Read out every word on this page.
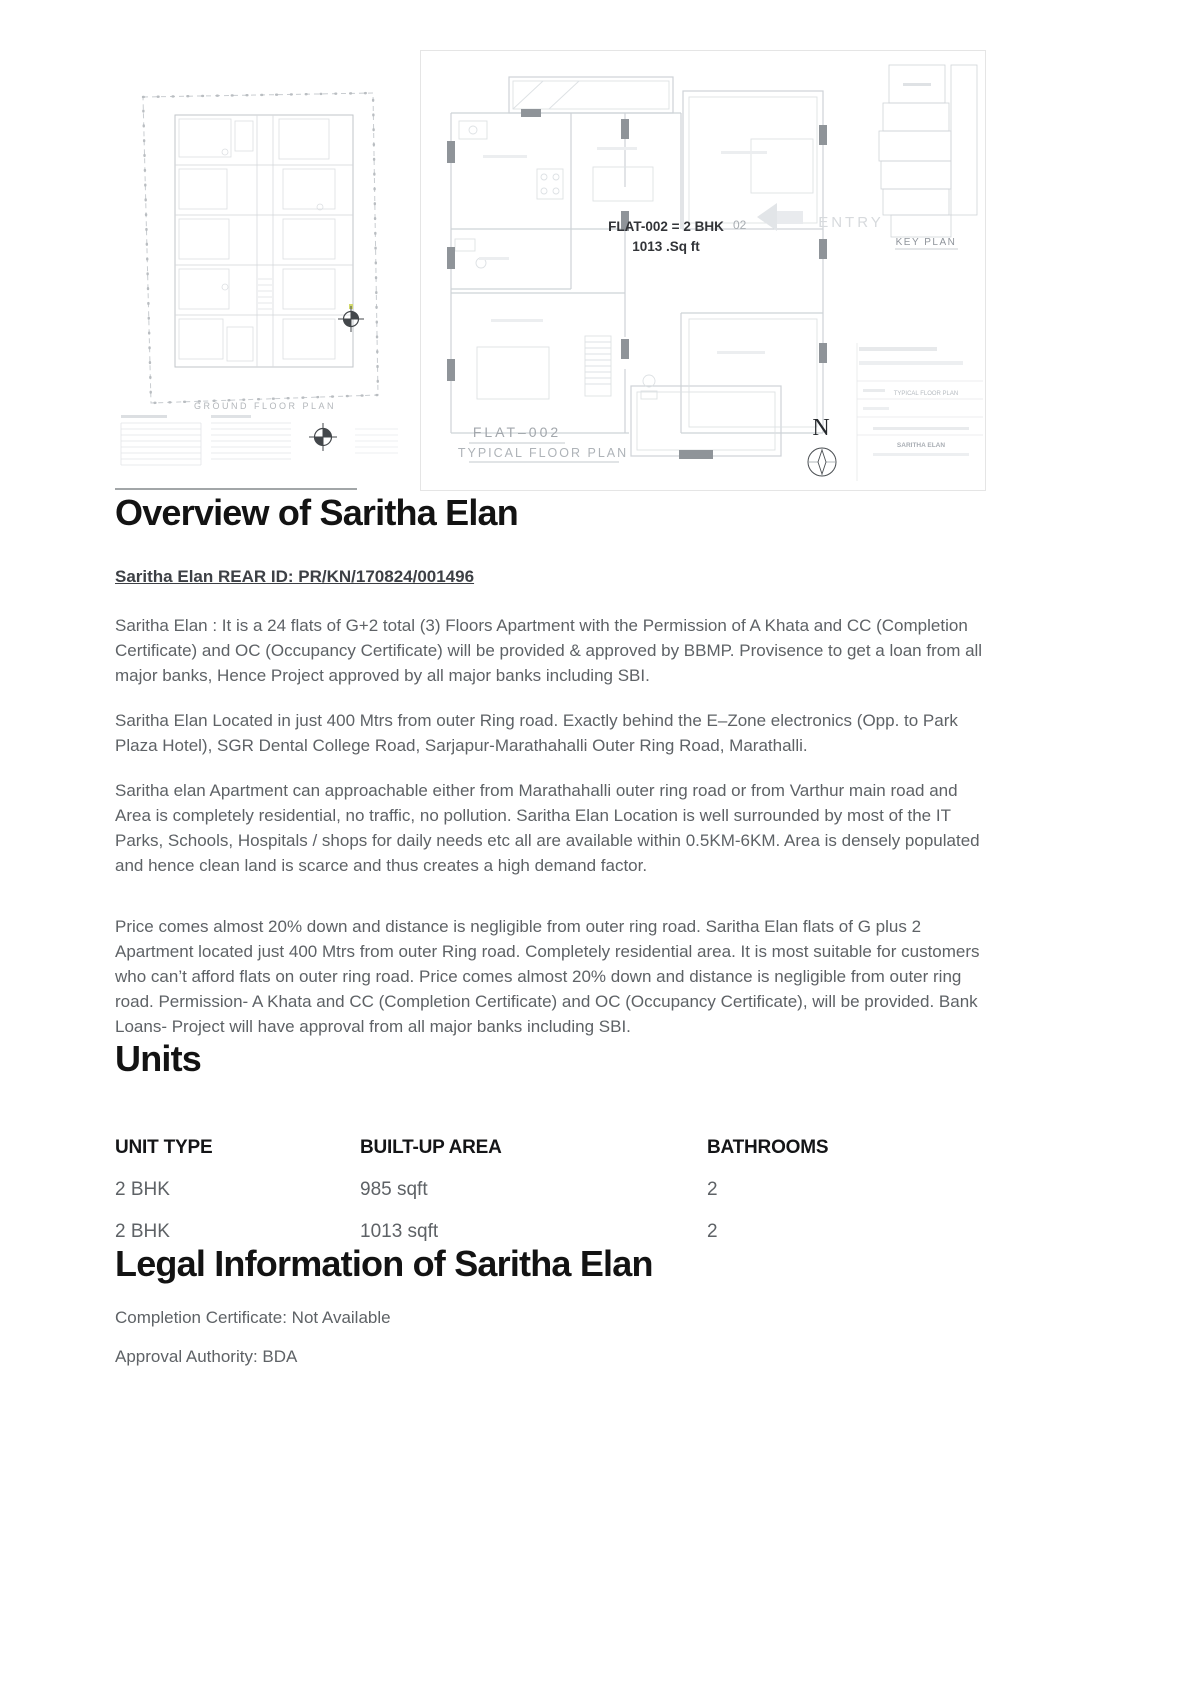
GROUND FLOOR PLAN
FLAT-002 = 2 BHK
1013 .Sq ft
02	ENTRY
KEY PLAN
TYPICAL FLOOR PLAN
SARITHA ELAN
N
FLAT–002
TYPICAL FLOOR PLAN
Overview of Saritha Elan
Saritha Elan REAR ID: PR/KN/170824/001496

Saritha Elan : It is a 24 flats of G+2 total (3) Floors Apartment with the Permission of A Khata and CC (Completion Certificate) and OC (Occupancy Certificate) will be provided & approved by BBMP. Provisence to get a loan from all major banks, Hence Project approved by all major banks including SBI.

Saritha Elan Located in just 400 Mtrs from outer Ring road. Exactly behind the E–Zone electronics (Opp. to Park Plaza Hotel), SGR Dental College Road, Sarjapur-Marathahalli Outer Ring Road, Marathalli.

Saritha elan Apartment can approachable either from Marathahalli outer ring road or from Varthur main road and Area is completely residential, no traffic, no pollution. Saritha Elan Location is well surrounded by most of the IT Parks, Schools, Hospitals / shops for daily needs etc all are available within 0.5KM-6KM. Area is densely populated and hence clean land is scarce and thus creates a high demand factor.

Price comes almost 20% down and distance is negligible from outer ring road. Saritha Elan flats of G plus 2 Apartment located just 400 Mtrs from outer Ring road. Completely residential area. It is most suitable for customers who can’t afford flats on outer ring road. Price comes almost 20% down and distance is negligible from outer ring road. Permission- A Khata and CC (Completion Certificate) and OC (Occupancy Certificate), will be provided. Bank Loans- Project will have approval from all major banks including SBI.

Units
UNIT TYPE	BUILT-UP AREA	BATHROOMS
2 BHK	985 sqft	2
2 BHK	1013 sqft	2
Legal Information of Saritha Elan

Completion Certificate: Not Available

Approval Authority: BDA
